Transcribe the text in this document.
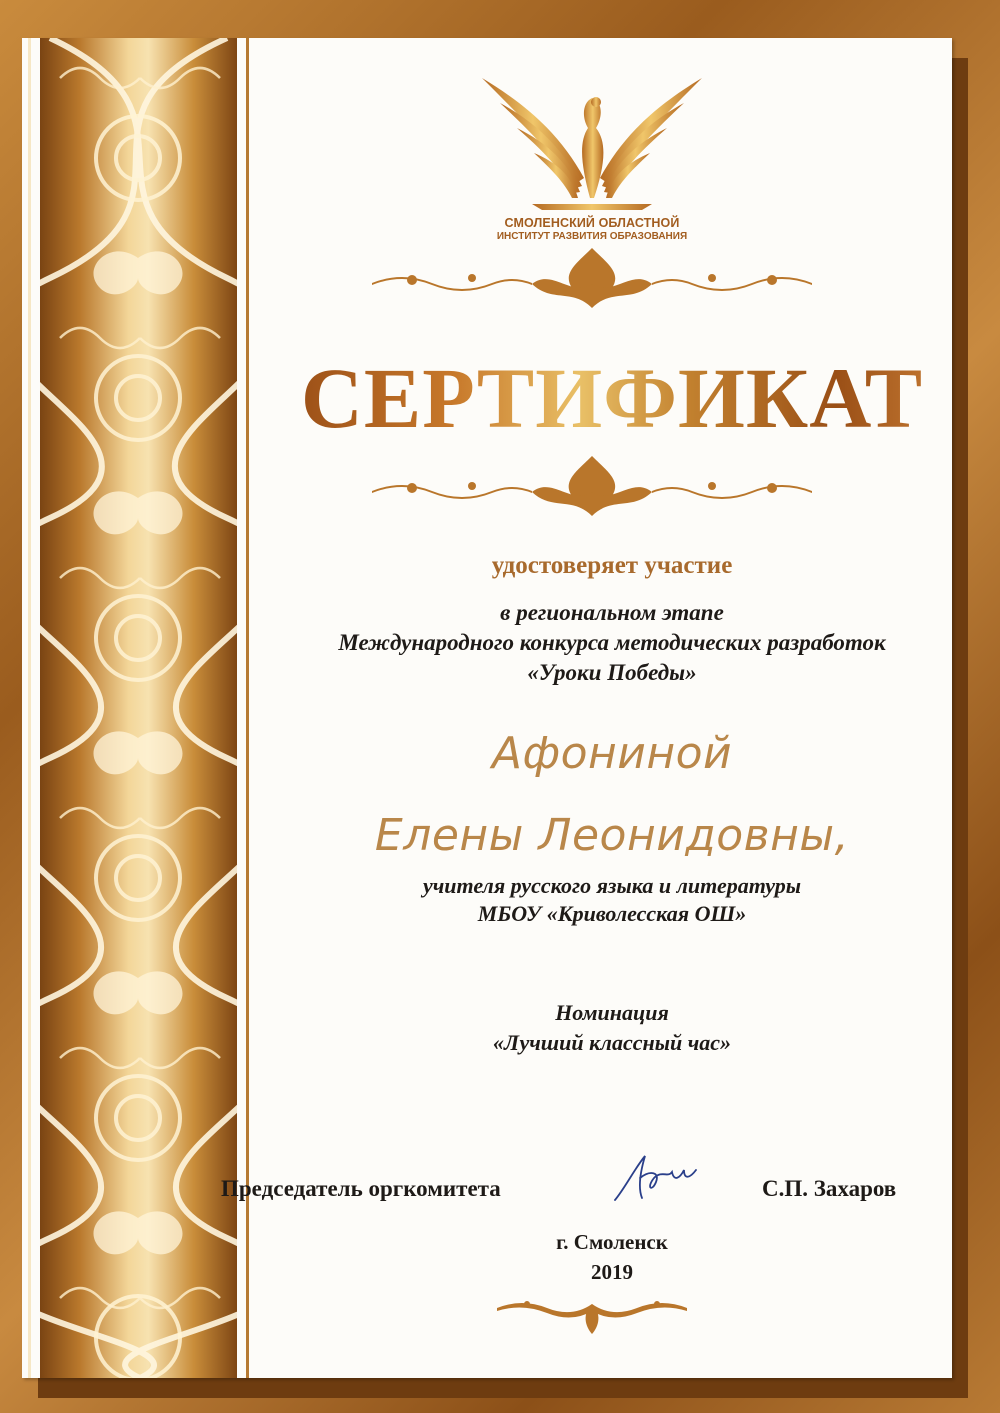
СМОЛЕНСКИЙ ОБЛАСТНОЙ
ИНСТИТУТ РАЗВИТИЯ ОБРАЗОВАНИЯ
СЕРТИФИКАТ
удостоверяет участие
в региональном этапе
Международного конкурса методических разработок
«Уроки Победы»
Афониной
Елены Леонидовны,
учителя русского языка и литературы
МБОУ «Криволесская ОШ»
Номинация
«Лучший классный час»
Председатель оргкомитета	С.П. Захаров
г. Смоленск
2019
